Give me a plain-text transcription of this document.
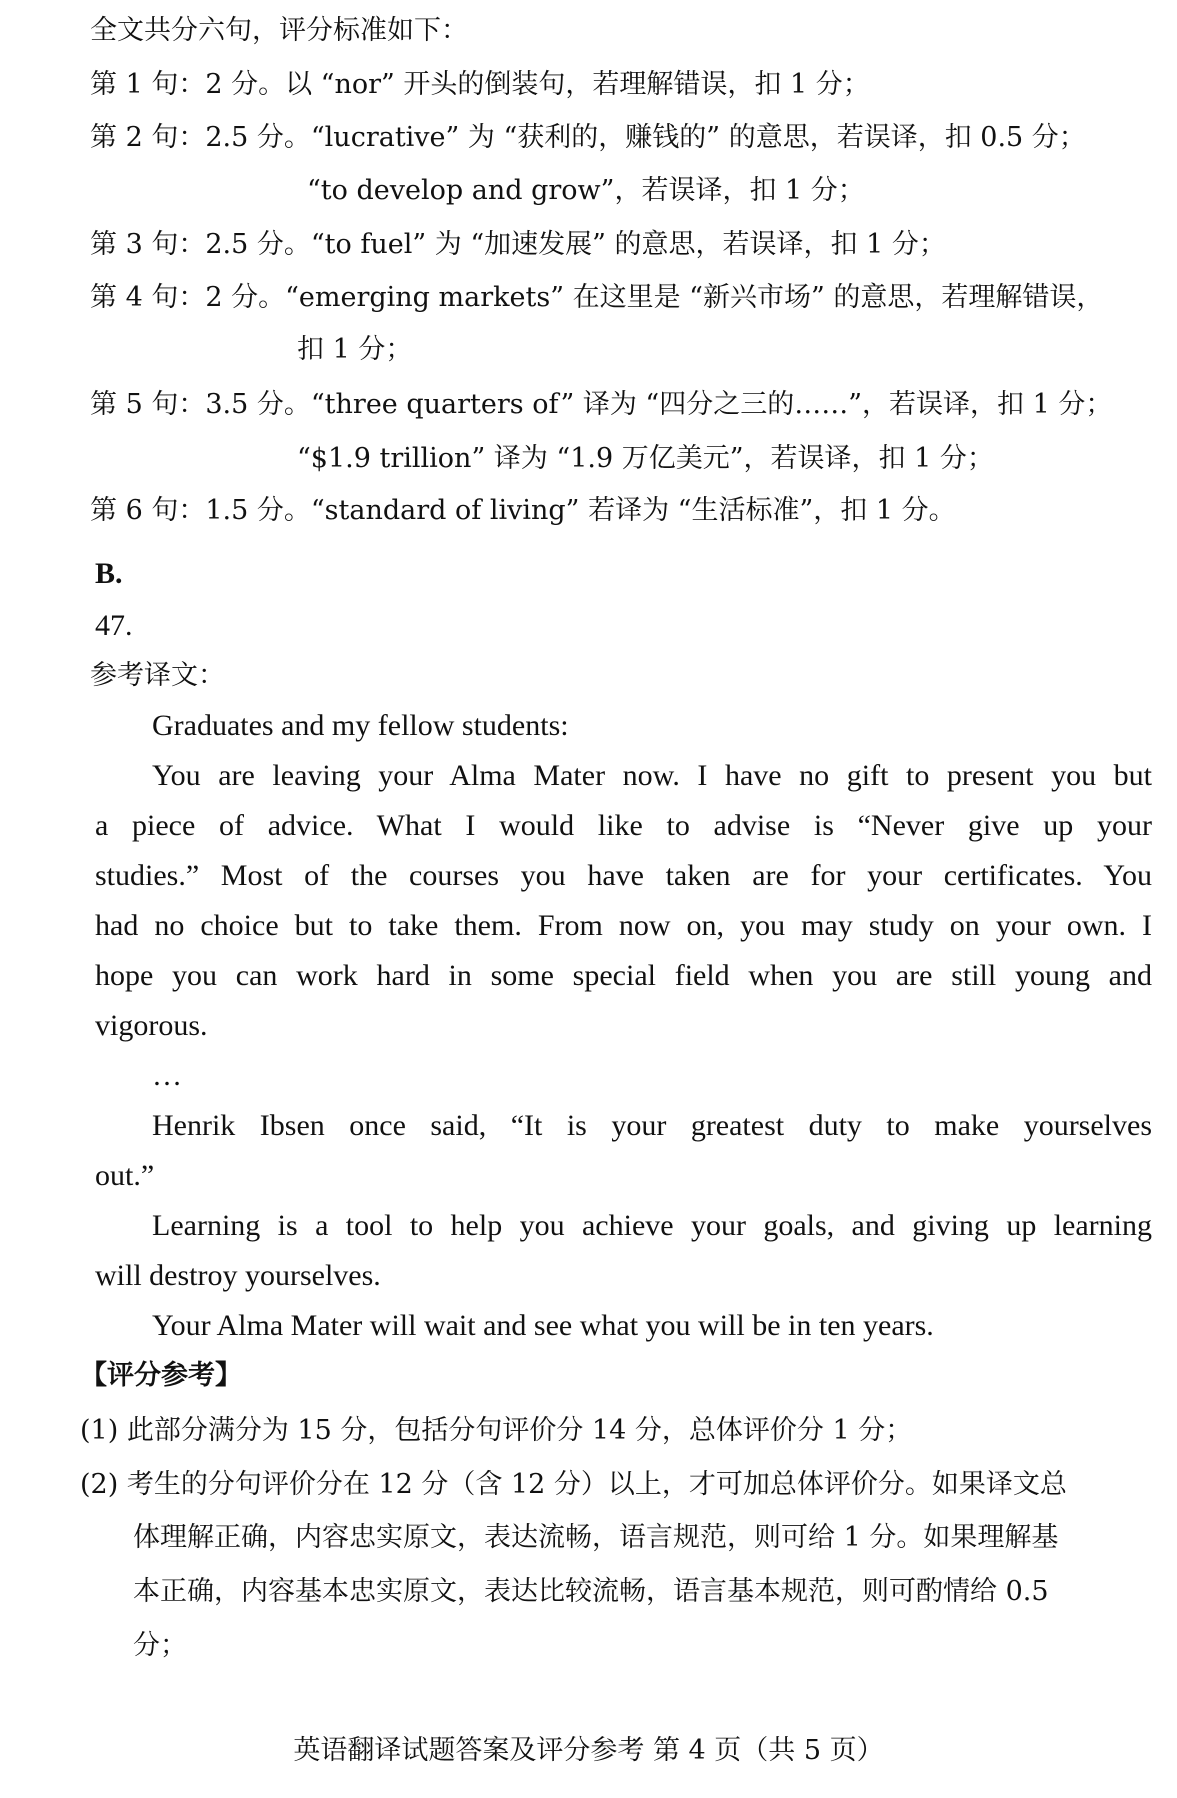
全文共分六句，评分标准如下：
第 1 句：2 分。以 “nor” 开头的倒装句，若理解错误，扣 1 分；
第 2 句：2.5 分。“lucrative” 为 “获利的，赚钱的” 的意思，若误译，扣 0.5 分；
“to develop and grow”，若误译，扣 1 分；
第 3 句：2.5 分。“to fuel” 为 “加速发展” 的意思，若误译，扣 1 分；
第 4 句：2 分。“emerging markets” 在这里是 “新兴市场” 的意思，若理解错误，
扣 1 分；
第 5 句：3.5 分。“three quarters of” 译为 “四分之三的……”，若误译，扣 1 分；
“$1.9 trillion” 译为 “1.9 万亿美元”，若误译，扣 1 分；
第 6 句：1.5 分。“standard of living” 若译为 “生活标准”，扣 1 分。
B.
47.
参考译文：
Graduates and my fellow students:
You are leaving your Alma Mater now. I have no gift to present you but
a piece of advice. What I would like to advise is “Never give up your
studies.” Most of the courses you have taken are for your certificates. You
had no choice but to take them. From now on, you may study on your own. I
hope you can work hard in some special field when you are still young and
vigorous.
…
Henrik Ibsen once said, “It is your greatest duty to make yourselves
out.”
Learning is a tool to help you achieve your goals, and giving up learning
will destroy yourselves.
Your Alma Mater will wait and see what you will be in ten years.
【评分参考】
(1) 此部分满分为 15 分，包括分句评价分 14 分，总体评价分 1 分；
(2) 考生的分句评价分在 12 分（含 12 分）以上，才可加总体评价分。如果译文总
体理解正确，内容忠实原文，表达流畅，语言规范，则可给 1 分。如果理解基
本正确，内容基本忠实原文，表达比较流畅，语言基本规范，则可酌情给 0.5
分；
英语翻译试题答案及评分参考 第 4 页（共 5 页）
